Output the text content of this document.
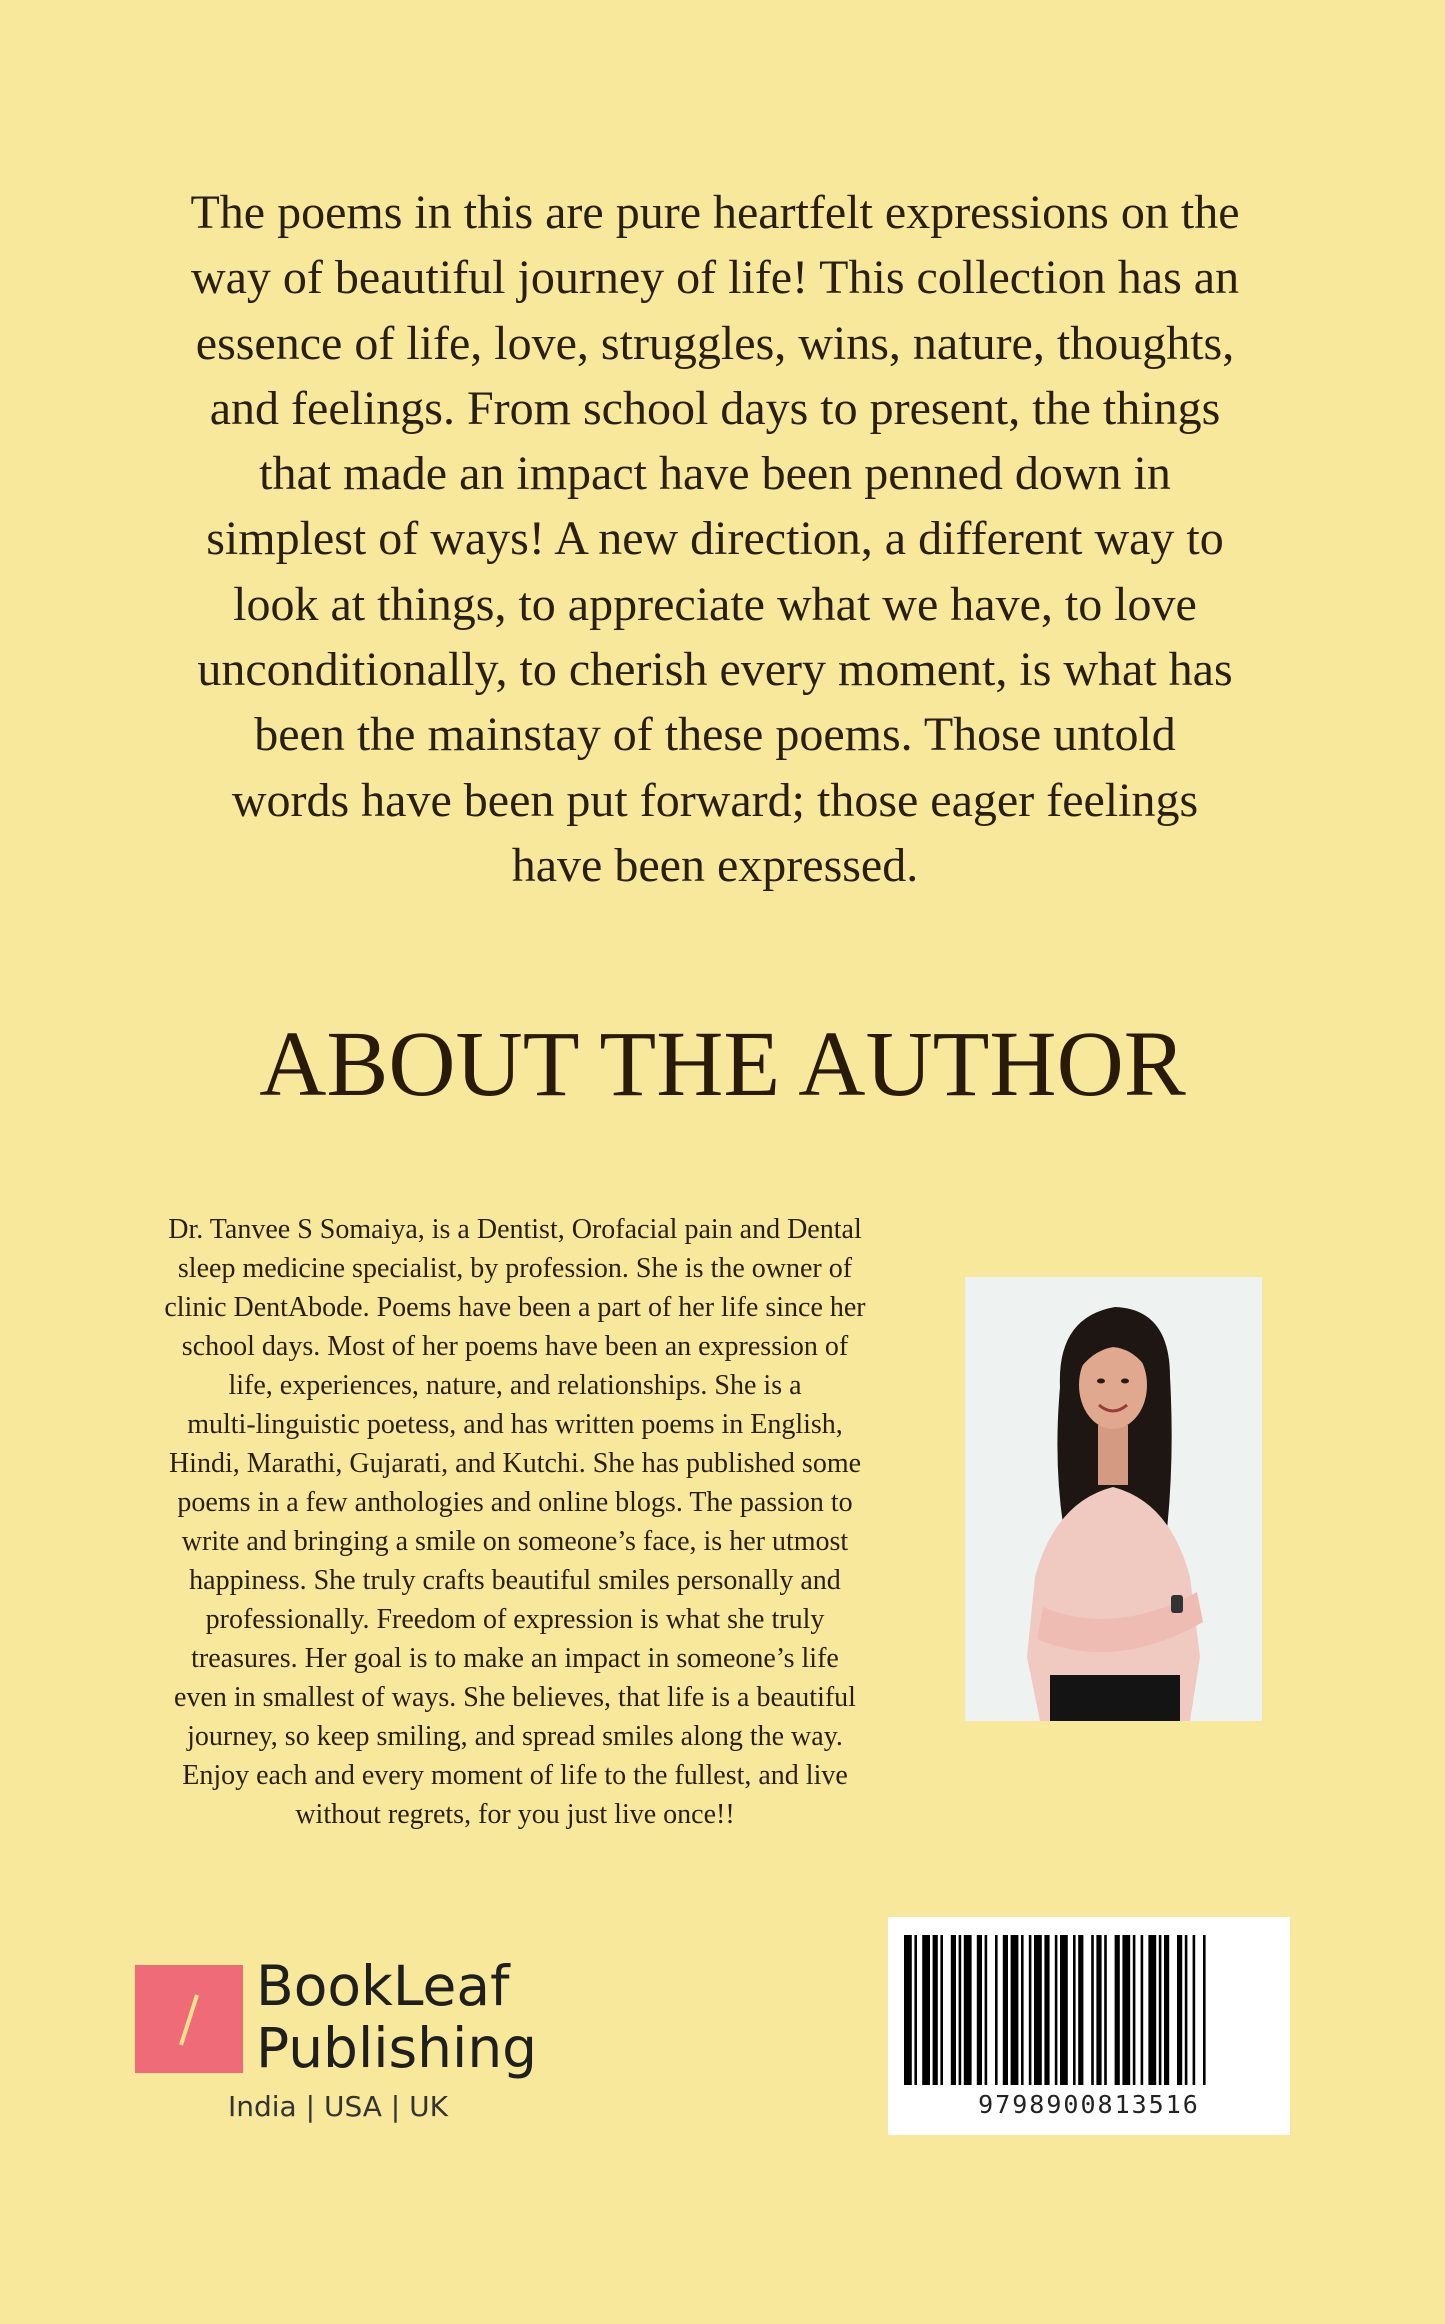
The poems in this are pure heartfelt expressions on the
way of beautiful journey of life! This collection has an
essence of life, love, struggles, wins, nature, thoughts,
and feelings. From school days to present, the things
that made an impact have been penned down in
simplest of ways! A new direction, a different way to
look at things, to appreciate what we have, to love
unconditionally, to cherish every moment, is what has
been the mainstay of these poems. Those untold
words have been put forward; those eager feelings
have been expressed.
ABOUT THE AUTHOR
Dr. Tanvee S Somaiya, is a Dentist, Orofacial pain and Dental
sleep medicine specialist, by profession. She is the owner of
clinic DentAbode. Poems have been a part of her life since her
school days. Most of her poems have been an expression of
life, experiences, nature, and relationships. She is a
multi-linguistic poetess, and has written poems in English,
Hindi, Marathi, Gujarati, and Kutchi. She has published some
poems in a few anthologies and online blogs. The passion to
write and bringing a smile on someone’s face, is her utmost
happiness. She truly crafts beautiful smiles personally and
professionally. Freedom of expression is what she truly
treasures. Her goal is to make an impact in someone’s life
even in smallest of ways. She believes, that life is a beautiful
journey, so keep smiling, and spread smiles along the way.
Enjoy each and every moment of life to the fullest, and live
without regrets, for you just live once!!
BookLeaf
Publishing
India | USA | UK	9798900813516
